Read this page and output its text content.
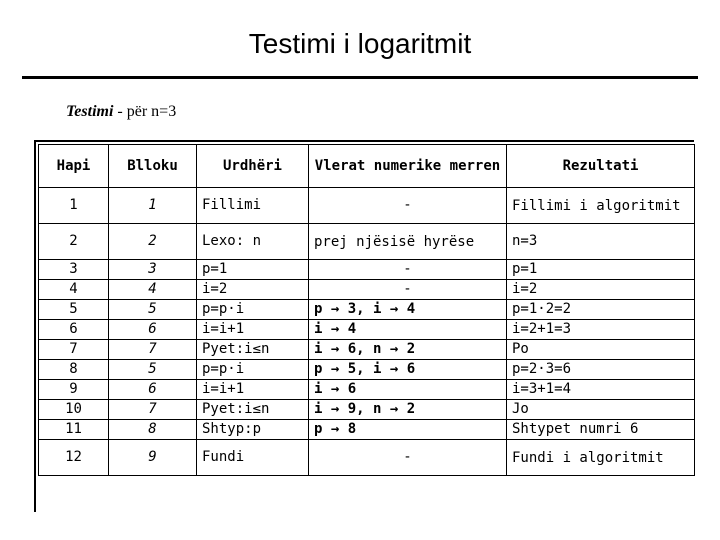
Testimi i logaritmit
Testimi - për n=3
Hapi	Blloku	Urdhëri	Vlerat numerike merren	Rezultati
1	1	Fillimi	-	Fillimi i algoritmit
2	2	Lexo: n	prej njësisë hyrëse	n=3
3	3	p=1	-	p=1
4	4	i=2	-	i=2
5	5	p=p·i	p → 3, i → 4	p=1·2=2
6	6	i=i+1	i → 4	i=2+1=3
7	7	Pyet:i≤n	i → 6, n → 2	Po
8	5	p=p·i	p → 5, i → 6	p=2·3=6
9	6	i=i+1	i → 6	i=3+1=4
10	7	Pyet:i≤n	i → 9, n → 2	Jo
11	8	Shtyp:p	p → 8	Shtypet numri 6
12	9	Fundi	-	Fundi i algoritmit
